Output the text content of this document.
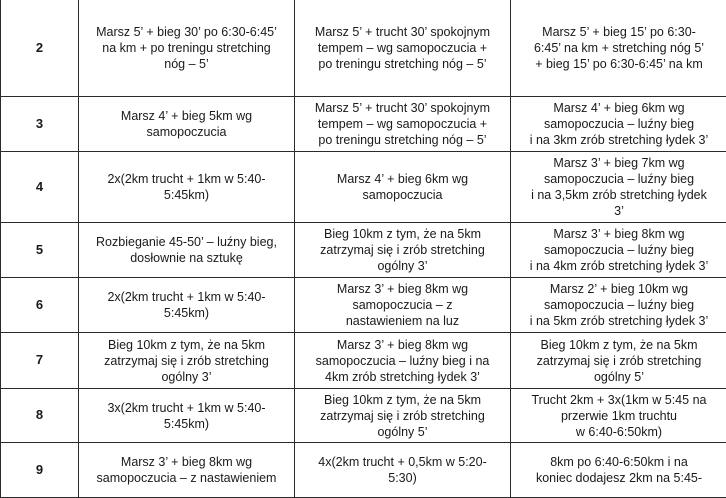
2	Marsz 5’ + bieg 30’ po 6:30-6:45’
na km + po treningu stretching
nóg – 5’	Marsz 5’ + trucht 30’ spokojnym
tempem – wg samopoczucia +
po treningu stretching nóg – 5’	Marsz 5’ + bieg 15’ po 6:30-
6:45’ na km + stretching nóg 5’
+ bieg 15’ po 6:30-6:45’ na km
3	Marsz 4’ + bieg 5km wg
samopoczucia	Marsz 5’ + trucht 30’ spokojnym
tempem – wg samopoczucia +
po treningu stretching nóg – 5’	Marsz 4’ + bieg 6km wg
samopoczucia – luźny bieg
i na 3km zrób stretching łydek 3’
4	2x(2km trucht + 1km w 5:40-
5:45km)	Marsz 4’ + bieg 6km wg
samopoczucia	Marsz 3’ + bieg 7km wg
samopoczucia – luźny bieg
i na 3,5km zrób stretching łydek
3’
5	Rozbieganie 45-50’ – luźny bieg,
dosłownie na sztukę	Bieg 10km z tym, że na 5km
zatrzymaj się i zrób stretching
ogólny 3’	Marsz 3’ + bieg 8km wg
samopoczucia – luźny bieg
i na 4km zrób stretching łydek 3’
6	2x(2km trucht + 1km w 5:40-
5:45km)	Marsz 3’ + bieg 8km wg
samopoczucia – z
nastawieniem na luz	Marsz 2’ + bieg 10km wg
samopoczucia – luźny bieg
i na 5km zrób stretching łydek 3’
7	Bieg 10km z tym, że na 5km
zatrzymaj się i zrób stretching
ogólny 3’	Marsz 3’ + bieg 8km wg
samopoczucia – luźny bieg i na
4km zrób stretching łydek 3’	Bieg 10km z tym, że na 5km
zatrzymaj się i zrób stretching
ogólny 5’
8	3x(2km trucht + 1km w 5:40-
5:45km)	Bieg 10km z tym, że na 5km
zatrzymaj się i zrób stretching
ogólny 5’	Trucht 2km + 3x(1km w 5:45 na
przerwie 1km truchtu
w 6:40-6:50km)
9	Marsz 3’ + bieg 8km wg
samopoczucia – z nastawieniem	4x(2km trucht + 0,5km w 5:20-
5:30)	8km po 6:40-6:50km i na
koniec dodajesz 2km na 5:45-
